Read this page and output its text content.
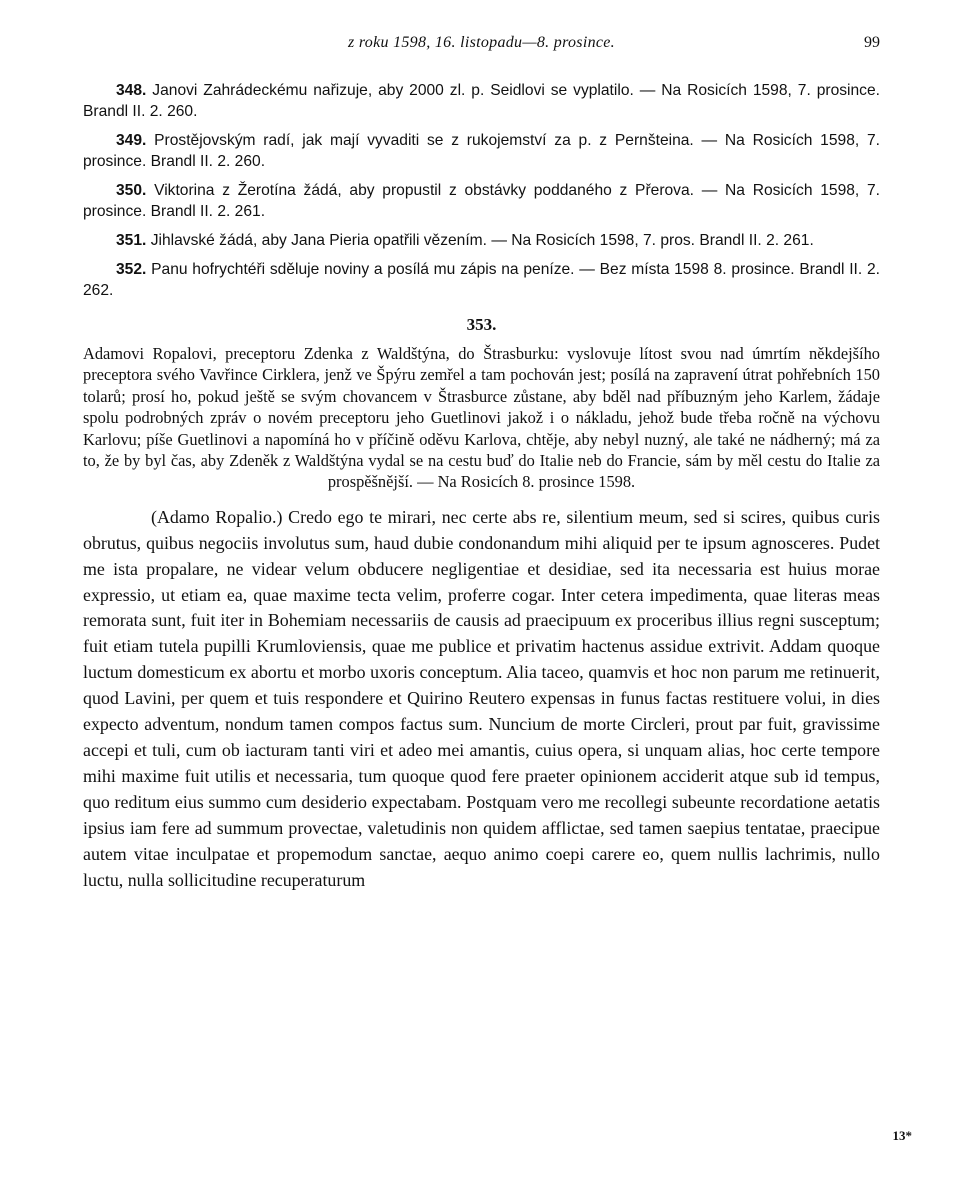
z roku 1598, 16. listopadu—8. prosince.	99

348. Janovi Zahrádeckému nařizuje, aby 2000 zl. p. Seidlovi se vyplatilo. — Na Rosicích 1598, 7. prosince. Brandl II. 2. 260.

349. Prostějovským radí, jak mají vyvaditi se z rukojemství za p. z Pernšteina. — Na Rosicích 1598, 7. prosince. Brandl II. 2. 260.

350. Viktorina z Žerotína žádá, aby propustil z obstávky poddaného z Přerova. — Na Rosicích 1598, 7. prosince. Brandl II. 2. 261.

351. Jihlavské žádá, aby Jana Pieria opatřili vězením. — Na Rosicích 1598, 7. pros. Brandl II. 2. 261.

352. Panu hofrychtéři sděluje noviny a posílá mu zápis na peníze. — Bez místa 1598 8. prosince. Brandl II. 2. 262.

353.

Adamovi Ropalovi, preceptoru Zdenka z Waldštýna, do Štrasburku: vyslovuje lítost svou nad úmrtím někdejšího preceptora svého Vavřince Cirklera, jenž ve Špýru zemřel a tam pochován jest; posílá na zapravení útrat pohřebních 150 tolarů; prosí ho, pokud ještě se svým chovancem v Štrasburce zůstane, aby bděl nad příbuzným jeho Karlem, žádaje spolu podrobných zpráv o novém preceptoru jeho Guetlinovi jakož i o nákladu, jehož bude třeba ročně na výchovu Karlovu; píše Guetlinovi a napomíná ho v příčině oděvu Karlova, chtěje, aby nebyl nuzný, ale také ne nádherný; má za to, že by byl čas, aby Zdeněk z Waldštýna vydal se na cestu buď do Italie neb do Francie, sám by měl cestu do Italie za prospěšnější. — Na Rosicích 8. prosince 1598.

(Adamo Ropalio.) Credo ego te mirari, nec certe abs re, silentium meum, sed si scires, quibus curis obrutus, quibus negociis involutus sum, haud dubie condonandum mihi aliquid per te ipsum agnosceres. Pudet me ista propalare, ne videar velum obducere negligentiae et desidiae, sed ita necessaria est huius morae expressio, ut etiam ea, quae maxime tecta velim, proferre cogar. Inter cetera impedimenta, quae literas meas remorata sunt, fuit iter in Bohemiam necessariis de causis ad praecipuum ex proceribus illius regni susceptum; fuit etiam tutela pupilli Krumloviensis, quae me publice et privatim hactenus assidue extrivit. Addam quoque luctum domesticum ex abortu et morbo uxoris conceptum. Alia taceo, quamvis et hoc non parum me retinuerit, quod Lavini, per quem et tuis respondere et Quirino Reutero expensas in funus factas restituere volui, in dies expecto adventum, nondum tamen compos factus sum. Nuncium de morte Circleri, prout par fuit, gravissime accepi et tuli, cum ob iacturam tanti viri et adeo mei amantis, cuius opera, si unquam alias, hoc certe tempore mihi maxime fuit utilis et necessaria, tum quoque quod fere praeter opinionem acciderit atque sub id tempus, quo reditum eius summo cum desiderio expectabam. Postquam vero me recollegi subeunte recordatione aetatis ipsius iam fere ad summum provectae, valetudinis non quidem afflictae, sed tamen saepius tentatae, praecipue autem vitae inculpatae et propemodum sanctae, aequo animo coepi carere eo, quem nullis lachrimis, nullo luctu, nulla sollicitudine recuperaturum

13*
